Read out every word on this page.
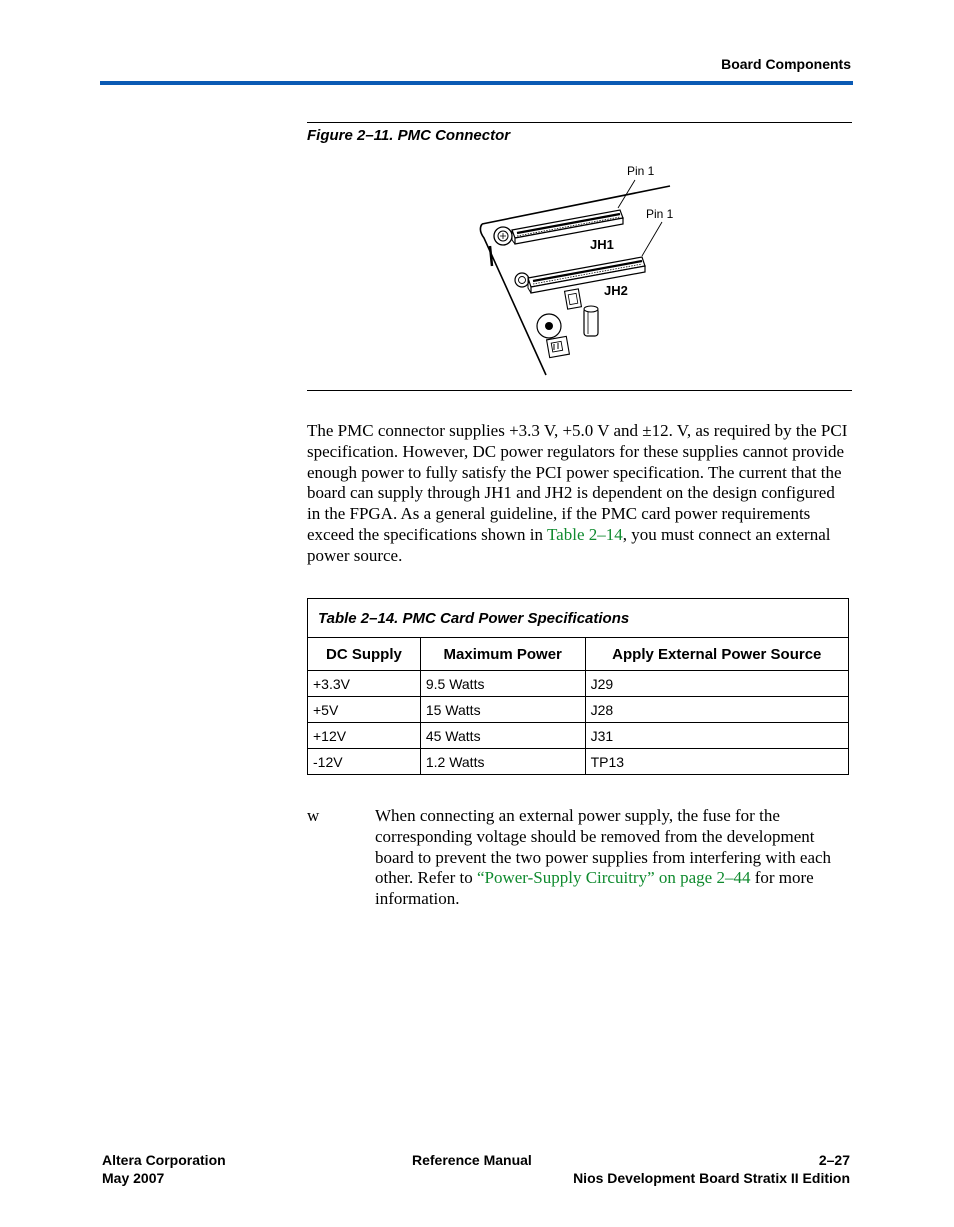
Board Components
Figure 2–11. PMC Connector
Pin 1
Pin 1
JH1
JH2
The PMC connector supplies +3.3 V, +5.0 V and ±12. V, as required by the PCI specification. However, DC power regulators for these supplies cannot provide enough power to fully satisfy the PCI power specification. The current that the board can supply through JH1 and JH2 is dependent on the design configured in the FPGA. As a general guideline, if the PMC card power requirements exceed the specifications shown in Table 2–14, you must connect an external power source.
Table 2–14. PMC Card Power Specifications		
DC Supply	Maximum Power	Apply External Power Source
+3.3V	9.5 Watts	J29
+5V	15 Watts	J28
+12V	45 Watts	J31
-12V	1.2 Watts	TP13
w	When connecting an external power supply, the fuse for the corresponding voltage should be removed from the development board to prevent the two power supplies from interfering with each other. Refer to “Power-Supply Circuitry” on page 2–44 for more information.
Altera Corporation
May 2007
Reference Manual	2–27
Nios Development Board Stratix II Edition
